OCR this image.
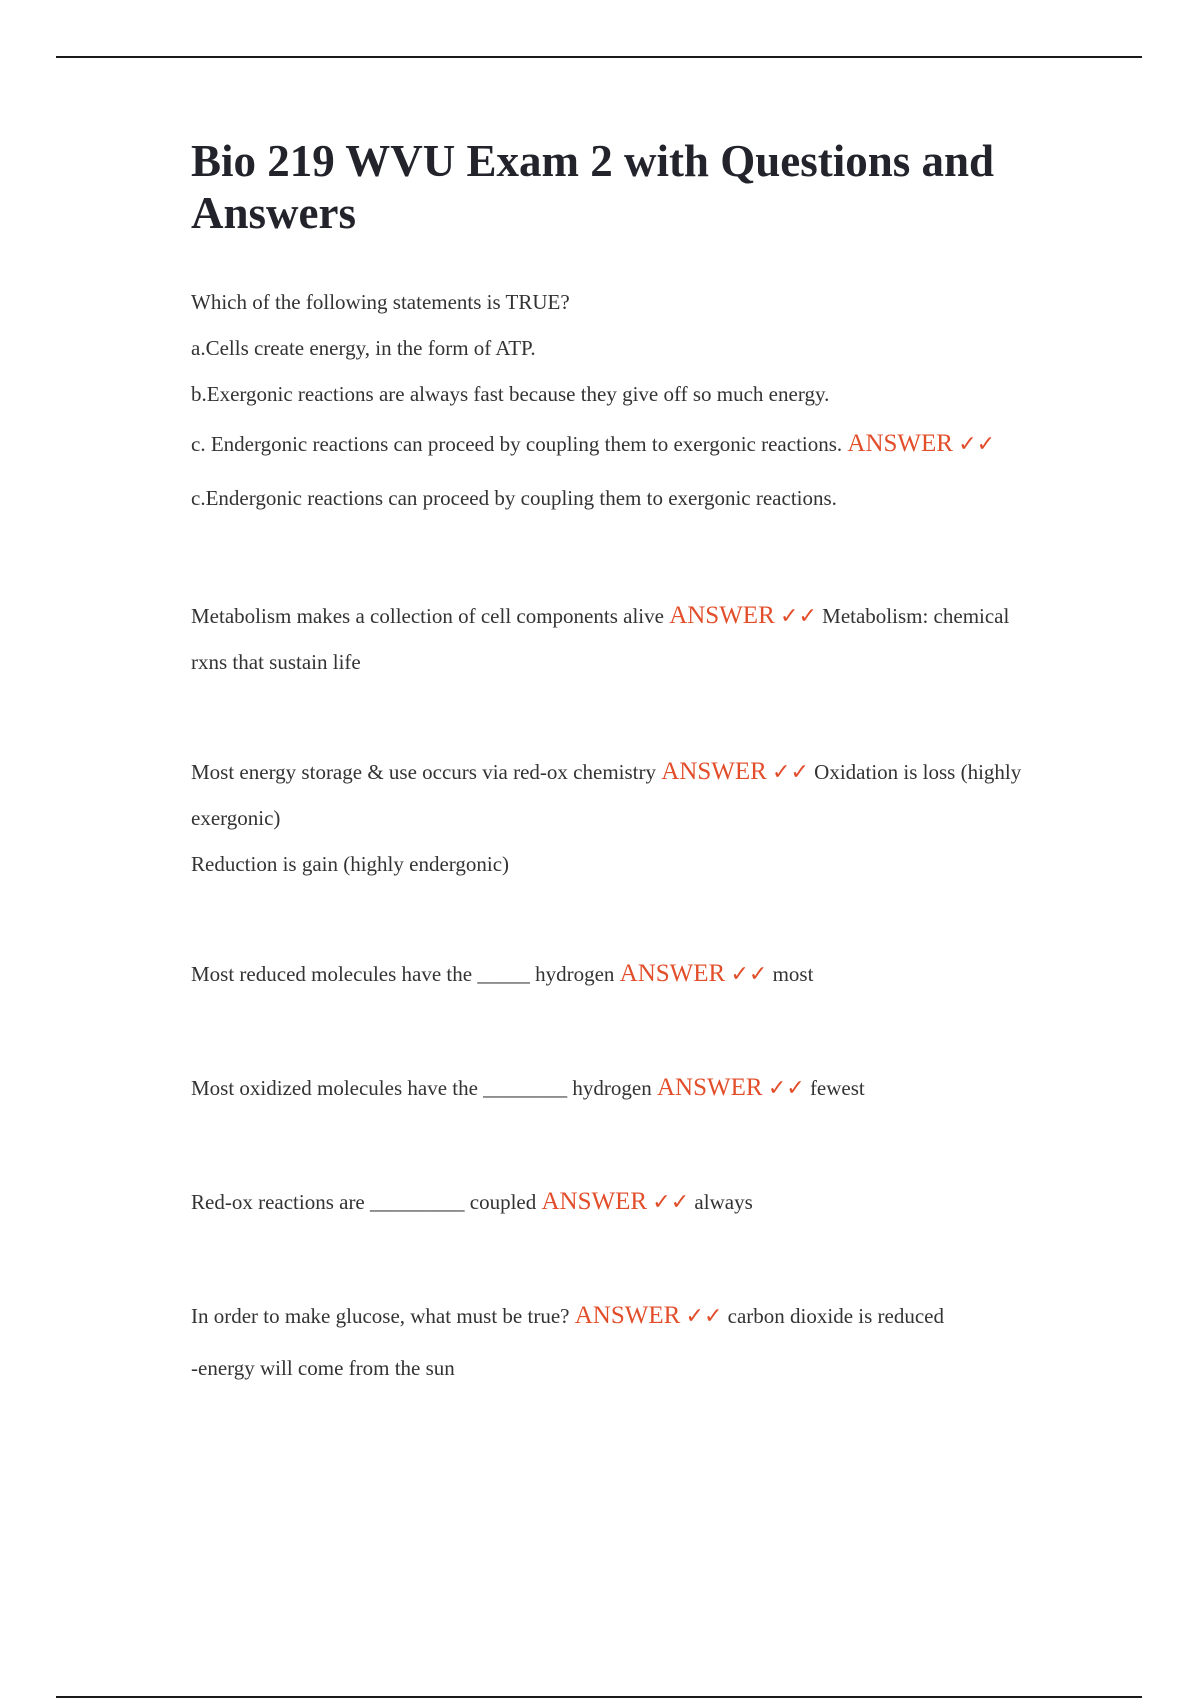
Bio 219 WVU Exam 2 with Questions and Answers

Which of the following statements is TRUE?

a.Cells create energy, in the form of ATP.

b.Exergonic reactions are always fast because they give off so much energy.

c. Endergonic reactions can proceed by coupling them to exergonic reactions. ANSWER ✓✓ c.Endergonic reactions can proceed by coupling them to exergonic reactions.

Metabolism makes a collection of cell components alive ANSWER ✓✓ Metabolism: chemical rxns that sustain life

Most energy storage & use occurs via red-ox chemistry ANSWER ✓✓ Oxidation is loss (highly exergonic)

Reduction is gain (highly endergonic)

Most reduced molecules have the _____ hydrogen ANSWER ✓✓ most

Most oxidized molecules have the ________ hydrogen ANSWER ✓✓ fewest

Red-ox reactions are _________ coupled ANSWER ✓✓ always

In order to make glucose, what must be true? ANSWER ✓✓ carbon dioxide is reduced

-energy will come from the sun
